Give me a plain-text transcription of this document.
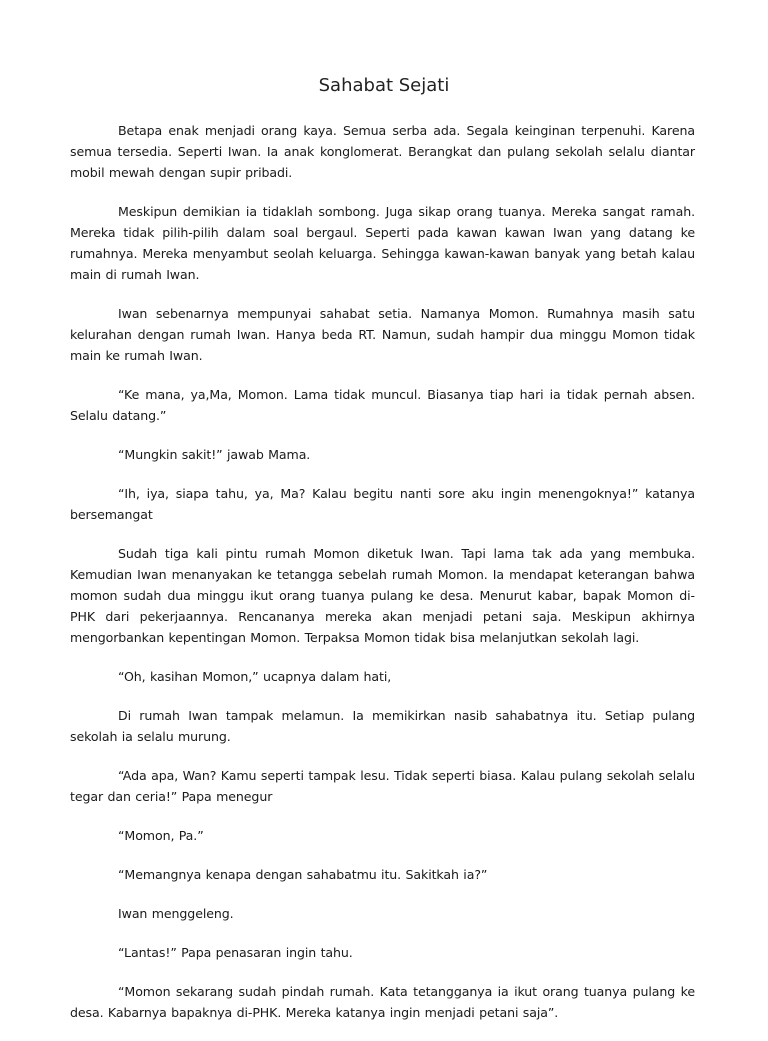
Sahabat Sejati

Betapa enak menjadi orang kaya. Semua serba ada. Segala keinginan terpenuhi. Karena semua tersedia. Seperti Iwan. Ia anak konglomerat. Berangkat dan pulang sekolah selalu diantar mobil mewah dengan supir pribadi.

Meskipun demikian ia tidaklah sombong. Juga sikap orang tuanya. Mereka sangat ramah. Mereka tidak pilih-pilih dalam soal bergaul. Seperti pada kawan kawan Iwan yang datang ke rumahnya. Mereka menyambut seolah keluarga. Sehingga kawan-kawan banyak yang betah kalau main di rumah Iwan.

Iwan sebenarnya mempunyai sahabat setia. Namanya Momon. Rumahnya masih satu kelurahan dengan rumah Iwan. Hanya beda RT. Namun, sudah hampir dua minggu Momon tidak main ke rumah Iwan.

“Ke mana, ya,Ma, Momon. Lama tidak muncul. Biasanya tiap hari ia tidak pernah absen. Selalu datang.”

“Mungkin sakit!” jawab Mama.

“Ih, iya, siapa tahu, ya, Ma? Kalau begitu nanti sore aku ingin menengoknya!” katanya bersemangat

Sudah tiga kali pintu rumah Momon diketuk Iwan. Tapi lama tak ada yang membuka. Kemudian Iwan menanyakan ke tetangga sebelah rumah Momon. Ia mendapat keterangan bahwa momon sudah dua minggu ikut orang tuanya pulang ke desa. Menurut kabar, bapak Momon di-PHK dari pekerjaannya. Rencananya mereka akan menjadi petani saja. Meskipun akhirnya mengorbankan kepentingan Momon. Terpaksa Momon tidak bisa melanjutkan sekolah lagi.

“Oh, kasihan Momon,” ucapnya dalam hati,

Di rumah Iwan tampak melamun. Ia memikirkan nasib sahabatnya itu. Setiap pulang sekolah ia selalu murung.

“Ada apa, Wan? Kamu seperti tampak lesu. Tidak seperti biasa. Kalau pulang sekolah selalu tegar dan ceria!” Papa menegur

“Momon, Pa.”

“Memangnya kenapa dengan sahabatmu itu. Sakitkah ia?”

Iwan menggeleng.

“Lantas!” Papa penasaran ingin tahu.

“Momon sekarang sudah pindah rumah. Kata tetangganya ia ikut orang tuanya pulang ke desa. Kabarnya bapaknya di-PHK. Mereka katanya ingin menjadi petani saja”.
